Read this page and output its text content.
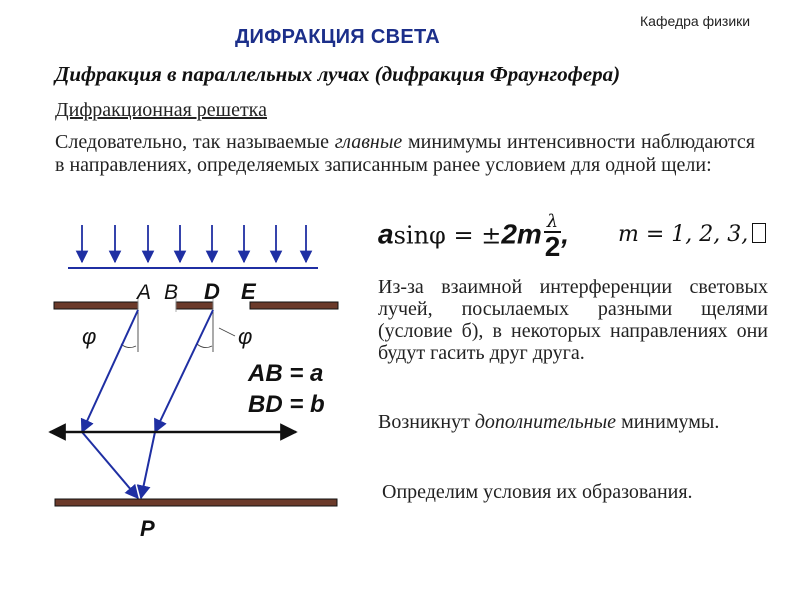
Кафедра физики
ДИФРАКЦИЯ СВЕТА
Дифракция в параллельных лучах (дифракция Фраунгофера)
Дифракционная решетка
Следовательно, так называемые главные минимумы интенсивности наблюдаются в направлениях, определяемых записанным ранее условием для одной щели:
$asin\varphi = \pm 2m \frac{\lambda}{2}$ , m = 1, 2, 3,
Из-за взаимной интерференции световых лучей, посылаемых разными щелями (условие б), в некоторых направлениях они будут гасить друг друга.
Возникнут дополнительные минимумы.
Определим условия их образования.
AB = a
BD = b
A B D E
φ	φ
P
